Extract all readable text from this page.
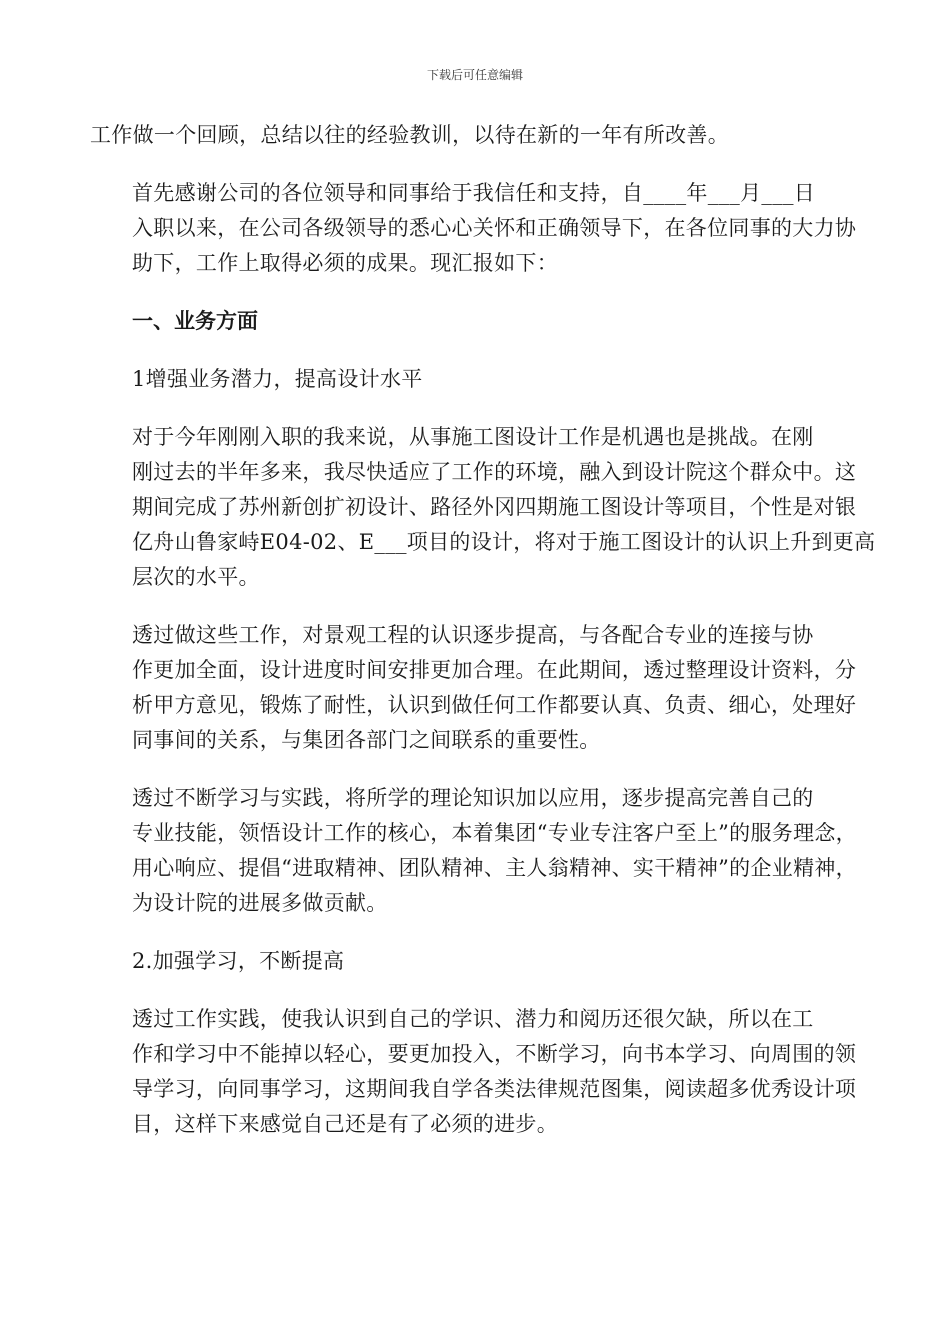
下载后可任意编辑
工作做一个回顾，总结以往的经验教训，以待在新的一年有所改善。
首先感谢公司的各位领导和同事给于我信任和支持，自____年___月___日
入职以来，在公司各级领导的悉心心关怀和正确领导下，在各位同事的大力协
助下，工作上取得必须的成果。现汇报如下：
一、业务方面
1增强业务潜力，提高设计水平
对于今年刚刚入职的我来说，从事施工图设计工作是机遇也是挑战。在刚
刚过去的半年多来，我尽快适应了工作的环境，融入到设计院这个群众中。这
期间完成了苏州新创扩初设计、路径外冈四期施工图设计等项目，个性是对银
亿舟山鲁家峙E04-02、E___项目的设计，将对于施工图设计的认识上升到更高
层次的水平。
透过做这些工作，对景观工程的认识逐步提高，与各配合专业的连接与协
作更加全面，设计进度时间安排更加合理。在此期间，透过整理设计资料，分
析甲方意见，锻炼了耐性，认识到做任何工作都要认真、负责、细心，处理好
同事间的关系，与集团各部门之间联系的重要性。
透过不断学习与实践，将所学的理论知识加以应用，逐步提高完善自己的
专业技能，领悟设计工作的核心，本着集团“专业专注客户至上”的服务理念，
用心响应、提倡“进取精神、团队精神、主人翁精神、实干精神”的企业精神，
为设计院的进展多做贡献。
2.加强学习，不断提高
透过工作实践，使我认识到自己的学识、潜力和阅历还很欠缺，所以在工
作和学习中不能掉以轻心，要更加投入，不断学习，向书本学习、向周围的领
导学习，向同事学习，这期间我自学各类法律规范图集，阅读超多优秀设计项
目，这样下来感觉自己还是有了必须的进步。
